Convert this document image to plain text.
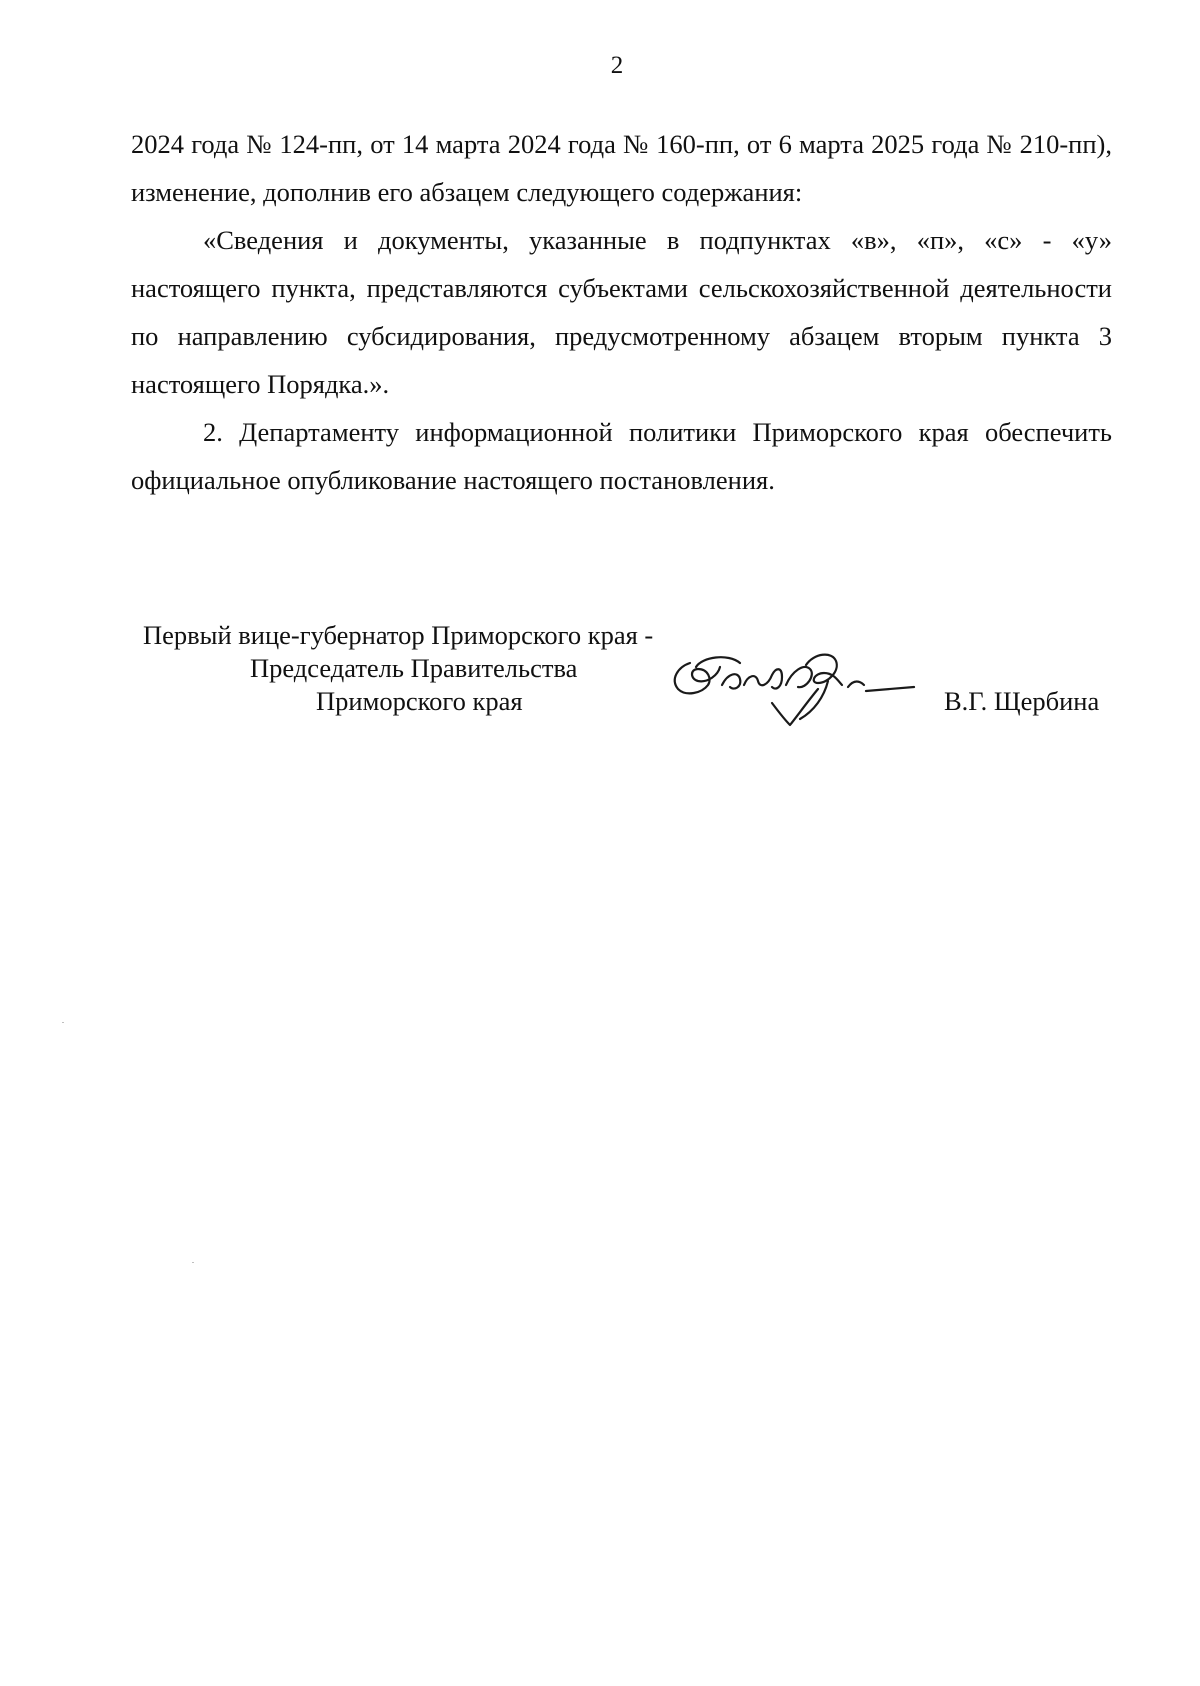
2

2024 года № 124-пп, от 14 марта 2024 года № 160-пп, от 6 марта 2025 года № 210-пп), изменение, дополнив его абзацем следующего содержания:

«Сведения и документы, указанные в подпунктах «в», «п», «с» - «у» настоящего пункта, представляются субъектами сельскохозяйственной деятельности по направлению субсидирования, предусмотренному абзацем вторым пункта 3 настоящего Порядка.».

2. Департаменту информационной политики Приморского края обеспечить официальное опубликование настоящего постановления.

Первый вице-губернатор Приморского края -
Председатель Правительства
Приморского края	В.Г. Щербина
